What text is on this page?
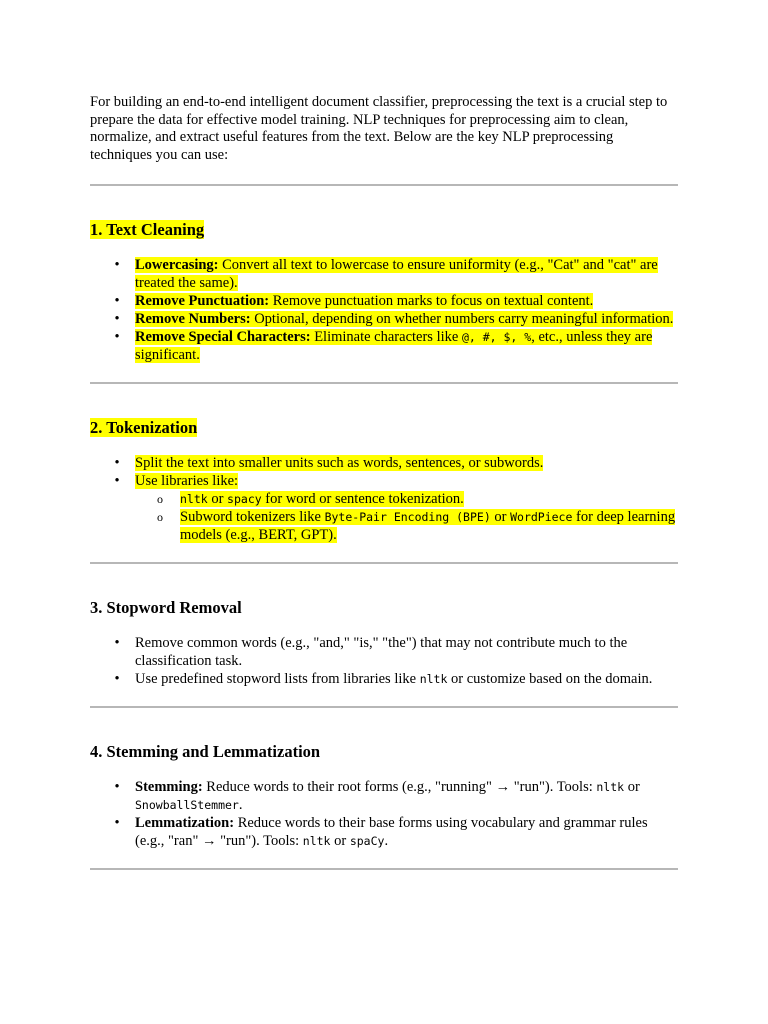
For building an end-to-end intelligent document classifier, preprocessing the text is a crucial step to prepare the data for effective model training. NLP techniques for preprocessing aim to clean, normalize, and extract useful features from the text. Below are the key NLP preprocessing techniques you can use:

1. Text Cleaning
• Lowercasing: Convert all text to lowercase to ensure uniformity (e.g., "Cat" and "cat" are treated the same).
• Remove Punctuation: Remove punctuation marks to focus on textual content.
• Remove Numbers: Optional, depending on whether numbers carry meaningful information.
• Remove Special Characters: Eliminate characters like @, #, $, %, etc., unless they are significant.
2. Tokenization
• Split the text into smaller units such as words, sentences, or subwords.
• Use libraries like:
o nltk or spacy for word or sentence tokenization.
o Subword tokenizers like Byte-Pair Encoding (BPE) or WordPiece for deep learning models (e.g., BERT, GPT).
3. Stopword Removal
• Remove common words (e.g., "and," "is," "the") that may not contribute much to the classification task.
• Use predefined stopword lists from libraries like nltk or customize based on the domain.
4. Stemming and Lemmatization
• Stemming: Reduce words to their root forms (e.g., "running" → "run"). Tools: nltk or SnowballStemmer.
• Lemmatization: Reduce words to their base forms using vocabulary and grammar rules (e.g., "ran" → "run"). Tools: nltk or spaCy.
